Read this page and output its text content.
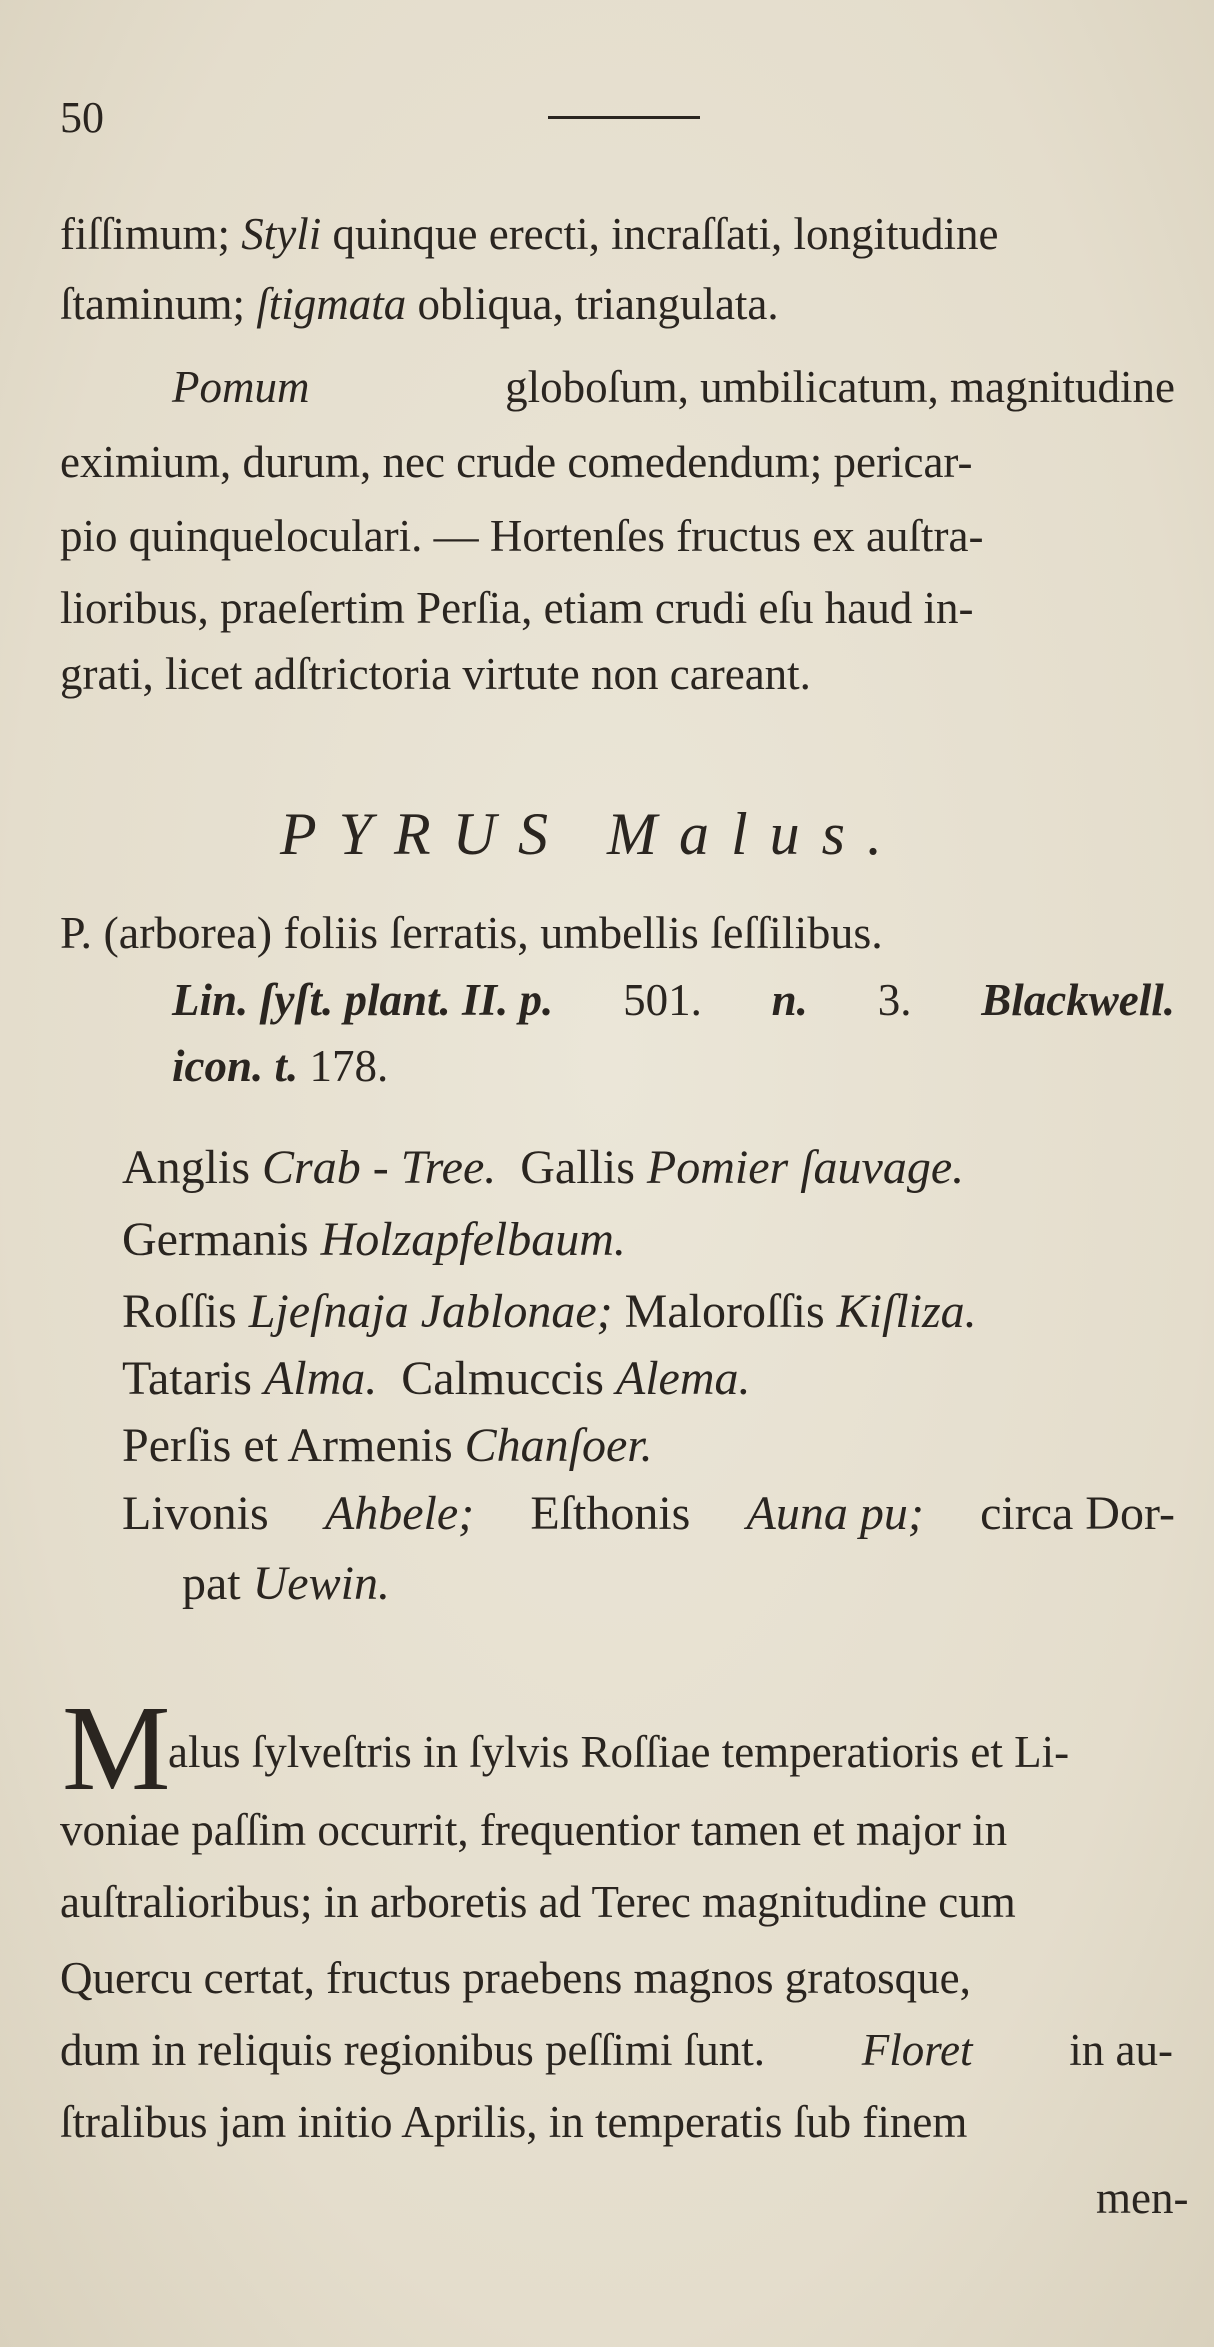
50
fiſſimum; Styli quinque erecti, incraſſati, longitudine
ſtaminum; ſtigmata obliqua, triangulata.
Pomum	globoſum, umbilicatum, magnitudine
eximium, durum, nec crude comedendum; pericar-
pio quinqueloculari. — Hortenſes fructus ex auſtra-
lioribus, praeſertim Perſia, etiam crudi eſu haud in-
grati, licet adſtrictoria virtute non careant.
PYRUS Malus.
P. (arborea) foliis ſerratis, umbellis ſeſſilibus.
Lin. ſyſt. plant. II. p. 501. n. 3. Blackwell.
icon. t. 178.
Anglis Crab - Tree. Gallis Pomier ſauvage.
Germanis Holzapfelbaum.
Roſſis Ljeſnaja Jablonae; Maloroſſis Kiſliza.
Tataris Alma. Calmuccis Alema.
Perſis et Armenis Chanſoer.
Livonis Ahbele; Eſthonis Auna pu; circa Dor-
pat Uewin.
M
alus ſylveſtris in ſylvis Roſſiae temperatioris et Li-
voniae paſſim occurrit, frequentior tamen et major in
auſtralioribus; in arboretis ad Terec magnitudine cum
Quercu certat, fructus praebens magnos gratosque,
dum in reliquis regionibus peſſimi ſunt. Floret in au-
ſtralibus jam initio Aprilis, in temperatis ſub finem
men-
